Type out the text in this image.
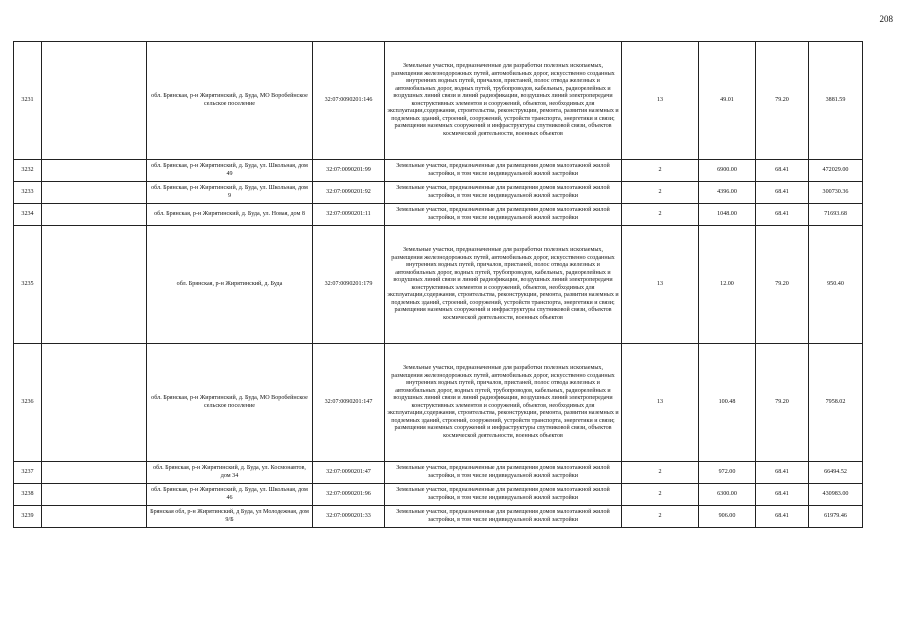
208
3231		обл. Брянская, р-н Жирятинский, д. Буда, МО Воробейнское сельское поселение	32:07:0090201:146	Земельные участки, предназначенные для разработки полезных ископаемых, размещения железнодорожных путей, автомобильных дорог, искусственно созданных внутренних водных путей, причалов, пристаней, полос отвода железных и автомобильных дорог, водных путей, трубопроводов, кабельных, радиорелейных и воздушных линий связи и линий радиофикации, воздушных линий электропередачи конструктивных элементов и сооружений, объектов, необходимых для эксплуатации,содержания, строительства, реконструкции, ремонта, развития наземных и подземных зданий, строений, сооружений, устройств транспорта, энергетики и связи; размещения наземных сооружений и инфраструктуры спутниковой связи, объектов космической деятельности, военных объектов	13	49.01	79.20	3881.59
3232		обл. Брянская, р-н Жирятинский, д. Буда, ул. Школьная, дом 49	32:07:0090201:99	Земельные участки, предназначенные для размещения домов малоэтажной жилой застройки, в том числе индивидуальной жилой застройки	2	6900.00	68.41	472029.00
3233		обл. Брянская, р-н Жирятинский, д. Буда, ул. Школьная, дом 9	32:07:0090201:92	Земельные участки, предназначенные для размещения домов малоэтажной жилой застройки, в том числе индивидуальной жилой застройки	2	4396.00	68.41	300730.36
3234		обл. Брянская, р-н Жирятинский, д. Буда, ул. Новая, дом 8	32:07:0090201:11	Земельные участки, предназначенные для размещения домов малоэтажной жилой застройки, в том числе индивидуальной жилой застройки	2	1048.00	68.41	71693.68
3235		обл. Брянская, р-н Жирятинский, д. Буда	32:07:0090201:179	Земельные участки, предназначенные для разработки полезных ископаемых, размещения железнодорожных путей, автомобильных дорог, искусственно созданных внутренних водных путей, причалов, пристаней, полос отвода железных и автомобильных дорог, водных путей, трубопроводов, кабельных, радиорелейных и воздушных линий связи и линий радиофикации, воздушных линий электропередачи конструктивных элементов и сооружений, объектов, необходимых для эксплуатации,содержания, строительства, реконструкции, ремонта, развития наземных и подземных зданий, строений, сооружений, устройств транспорта, энергетики и связи; размещения наземных сооружений и инфраструктуры спутниковой связи, объектов космической деятельности, военных объектов	13	12.00	79.20	950.40
3236		обл. Брянская, р-н Жирятинский, д. Буда, МО Воробейнское сельское поселение	32:07:0090201:147	Земельные участки, предназначенные для разработки полезных ископаемых, размещения железнодорожных путей, автомобильных дорог, искусственно созданных внутренних водных путей, причалов, пристаней, полос отвода железных и автомобильных дорог, водных путей, трубопроводов, кабельных, радиорелейных и воздушных линий связи и линий радиофикации, воздушных линий электропередачи конструктивных элементов и сооружений, объектов, необходимых для эксплуатации,содержания, строительства, реконструкции, ремонта, развития наземных и подземных зданий, строений, сооружений, устройств транспорта, энергетики и связи; размещения наземных сооружений и инфраструктуры спутниковой связи, объектов космической деятельности, военных объектов	13	100.48	79.20	7958.02
3237		обл. Брянская, р-н Жирятинский, д. Буда, ул. Космонавтов, дом 34	32:07:0090201:47	Земельные участки, предназначенные для размещения домов малоэтажной жилой застройки, в том числе индивидуальной жилой застройки	2	972.00	68.41	66494.52
3238		обл. Брянская, р-н Жирятинский, д. Буда, ул. Школьная, дом 46	32:07:0090201:96	Земельные участки, предназначенные для размещения домов малоэтажной жилой застройки, в том числе индивидуальной жилой застройки	2	6300.00	68.41	430983.00
3239		Брянская обл, р-н Жирятинский, д Буда, ул Молодежная, дом 9/Б	32:07:0090201:33	Земельные участки, предназначенные для размещения домов малоэтажной жилой застройки, в том числе индивидуальной жилой застройки	2	906.00	68.41	61979.46
